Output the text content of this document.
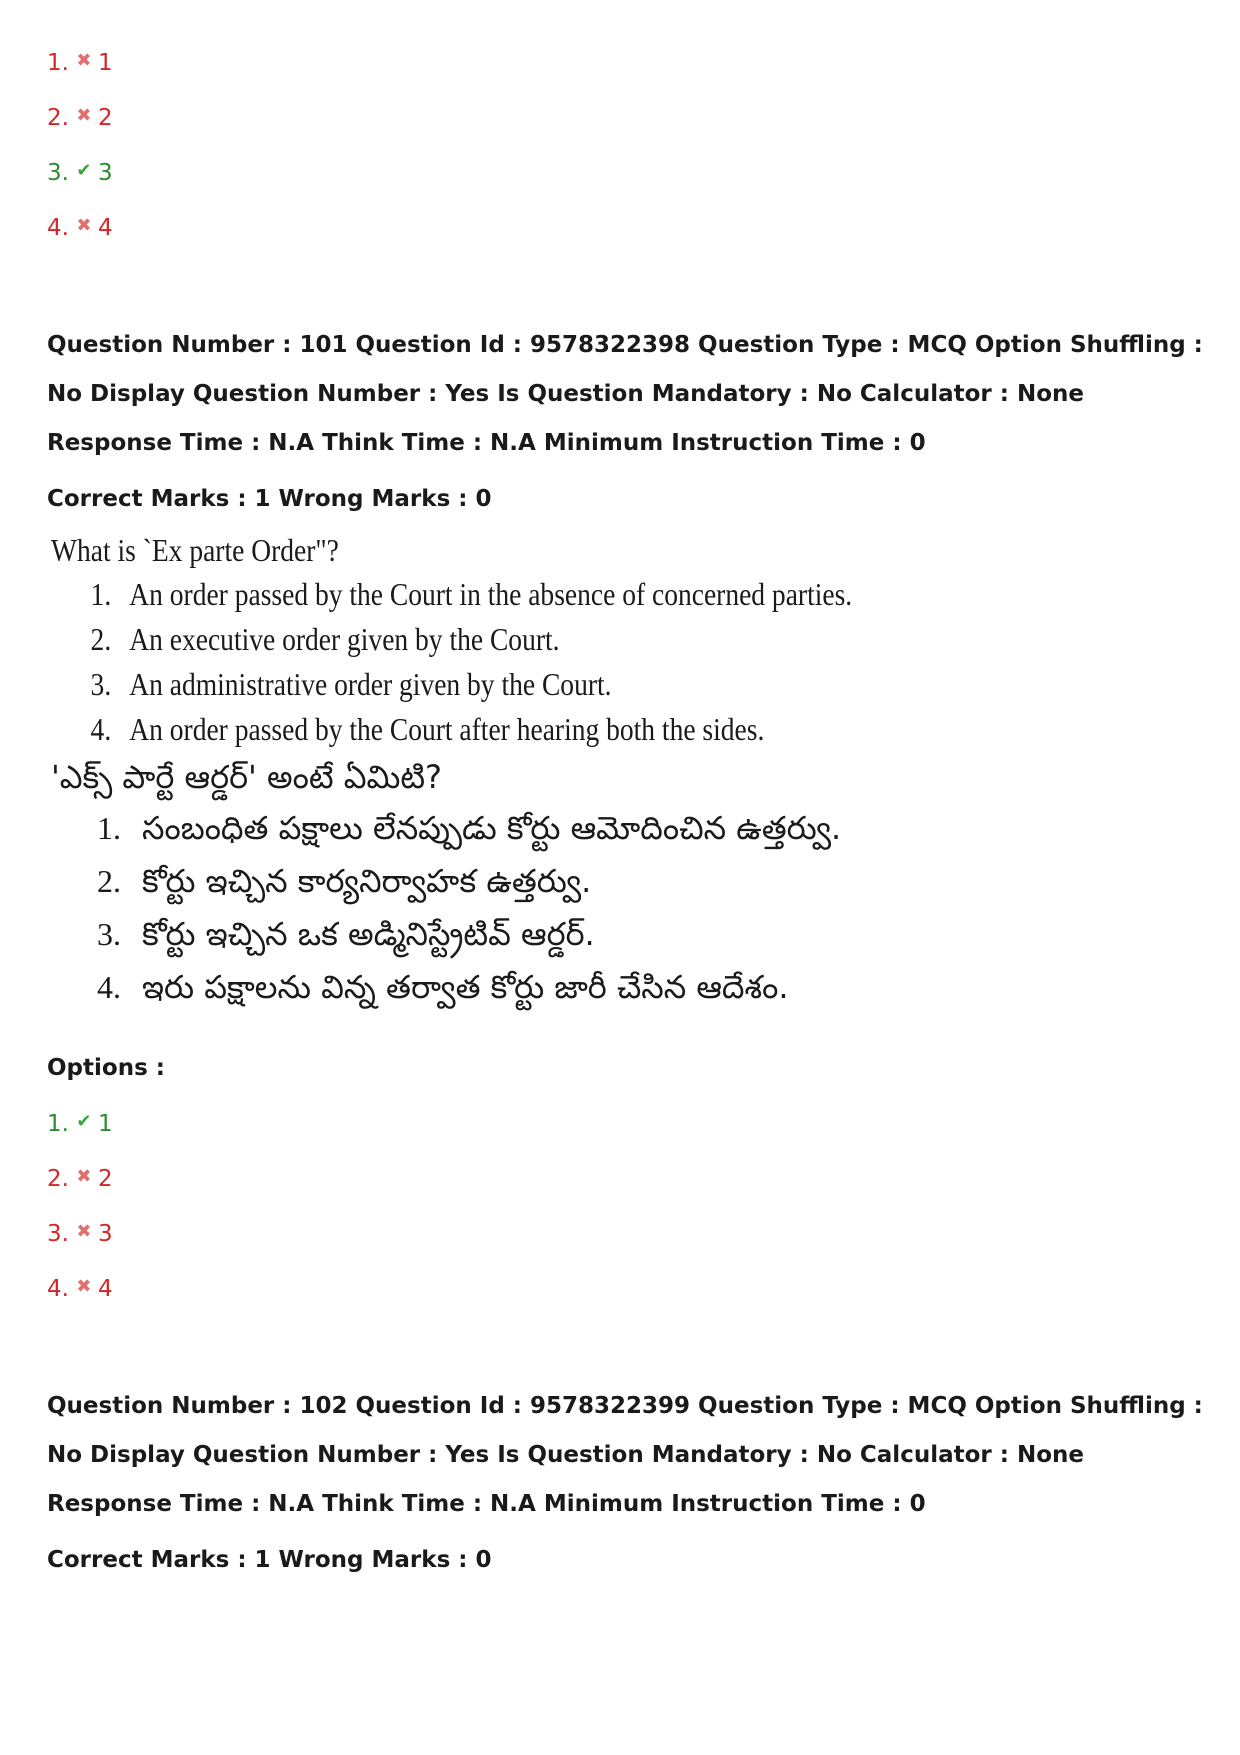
1. ✖ 1
2. ✖ 2
3. ✔ 3
4. ✖ 4
Question Number : 101 Question Id : 9578322398 Question Type : MCQ Option Shuffling : No Display Question Number : Yes Is Question Mandatory : No Calculator : None Response Time : N.A Think Time : N.A Minimum Instruction Time : 0
Correct Marks : 1 Wrong Marks : 0
What is `Ex parte Order"?
1. An order passed by the Court in the absence of concerned parties.
2. An executive order given by the Court.
3. An administrative order given by the Court.
4. An order passed by the Court after hearing both the sides.
'ఎక్స్ పార్టే ఆర్డర్' అంటే ఏమిటి?
1. సంబంధిత పక్షాలు లేనప్పుడు కోర్టు ఆమోదించిన ఉత్తర్వు.
2. కోర్టు ఇచ్చిన కార్యనిర్వాహక ఉత్తర్వు.
3. కోర్టు ఇచ్చిన ఒక అడ్మినిస్ట్రేటివ్ ఆర్డర్.
4. ఇరు పక్షాలను విన్న తర్వాత కోర్టు జారీ చేసిన ఆదేశం.
Options :
1. ✔ 1
2. ✖ 2
3. ✖ 3
4. ✖ 4
Question Number : 102 Question Id : 9578322399 Question Type : MCQ Option Shuffling : No Display Question Number : Yes Is Question Mandatory : No Calculator : None Response Time : N.A Think Time : N.A Minimum Instruction Time : 0
Correct Marks : 1 Wrong Marks : 0
